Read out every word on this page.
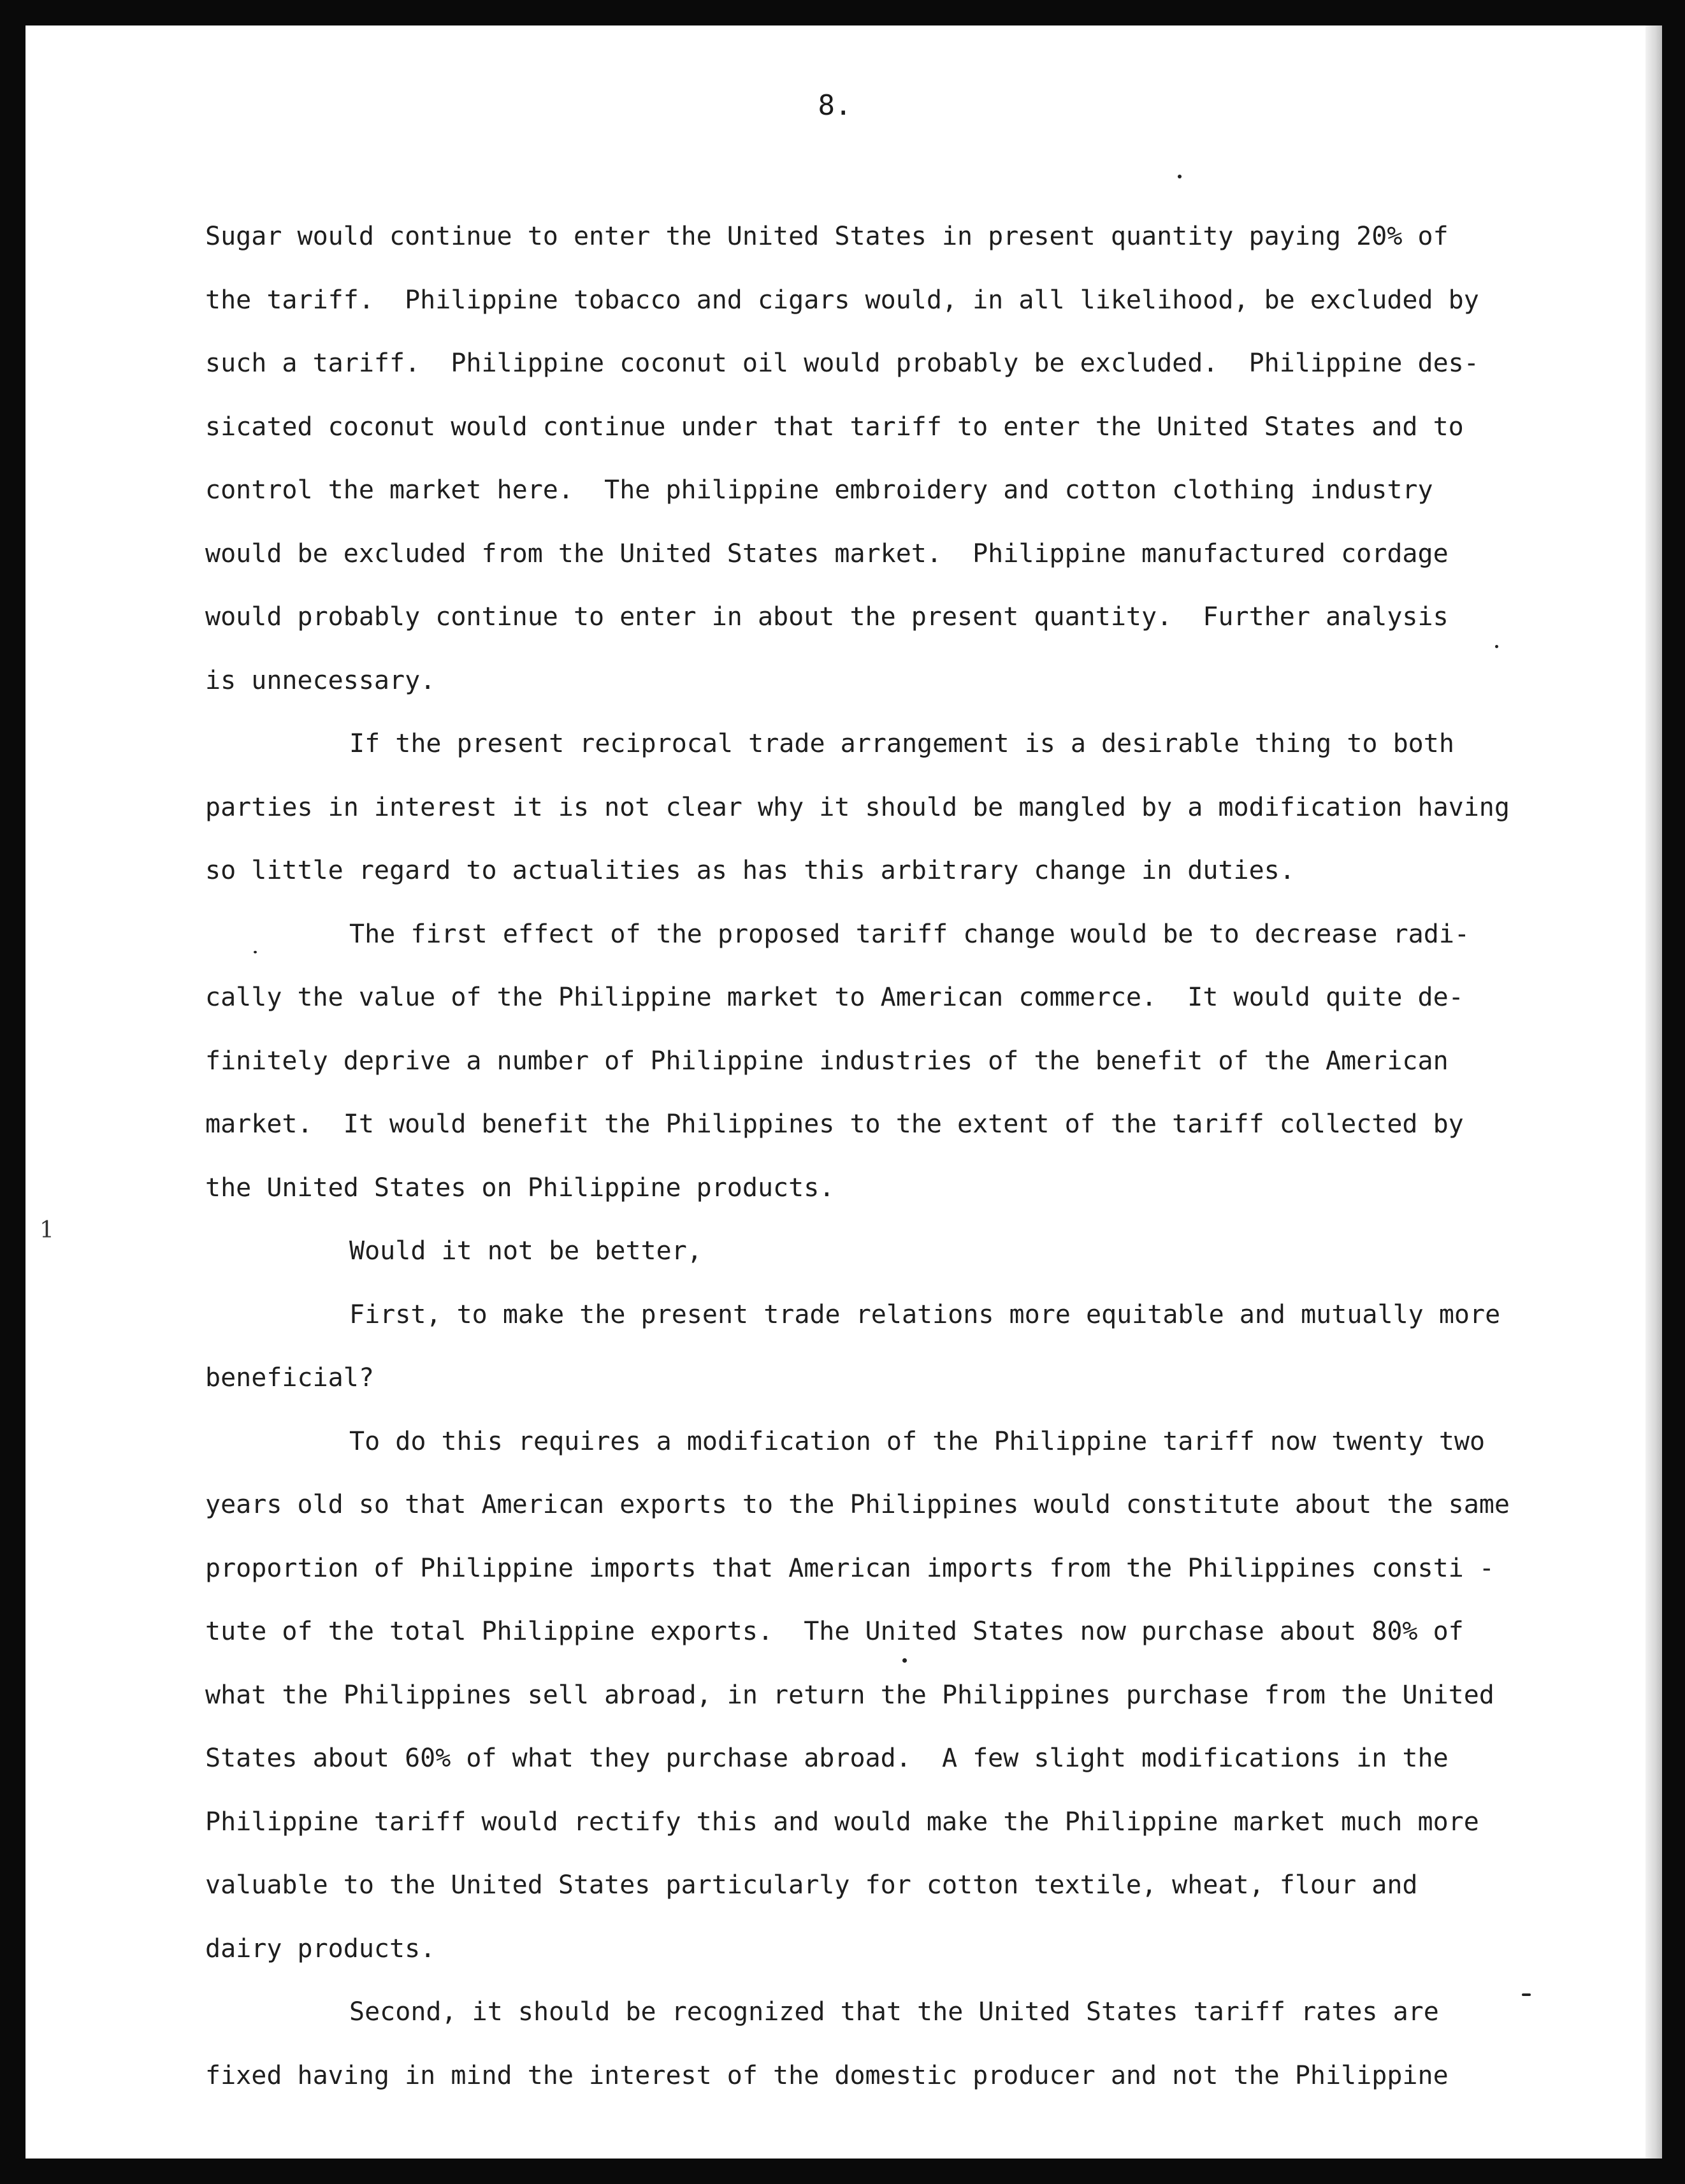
8.
1
Sugar would continue to enter the United States in present quantity paying 20% of
the tariff.  Philippine tobacco and cigars would, in all likelihood, be excluded by
such a tariff.  Philippine coconut oil would probably be excluded.  Philippine des-
sicated coconut would continue under that tariff to enter the United States and to
control the market here.  The philippine embroidery and cotton clothing industry
would be excluded from the United States market.  Philippine manufactured cordage
would probably continue to enter in about the present quantity.  Further analysis
is unnecessary.
If the present reciprocal trade arrangement is a desirable thing to both
parties in interest it is not clear why it should be mangled by a modification having
so little regard to actualities as has this arbitrary change in duties.
The first effect of the proposed tariff change would be to decrease radi-
cally the value of the Philippine market to American commerce.  It would quite de-
finitely deprive a number of Philippine industries of the benefit of the American
market.  It would benefit the Philippines to the extent of the tariff collected by
the United States on Philippine products.
Would it not be better,
First, to make the present trade relations more equitable and mutually more
beneficial?
To do this requires a modification of the Philippine tariff now twenty two
years old so that American exports to the Philippines would constitute about the same
proportion of Philippine imports that American imports from the Philippines consti -
tute of the total Philippine exports.  The United States now purchase about 80% of
what the Philippines sell abroad, in return the Philippines purchase from the United
States about 60% of what they purchase abroad.  A few slight modifications in the
Philippine tariff would rectify this and would make the Philippine market much more
valuable to the United States particularly for cotton textile, wheat, flour and
dairy products.
Second, it should be recognized that the United States tariff rates are
fixed having in mind the interest of the domestic producer and not the Philippine
